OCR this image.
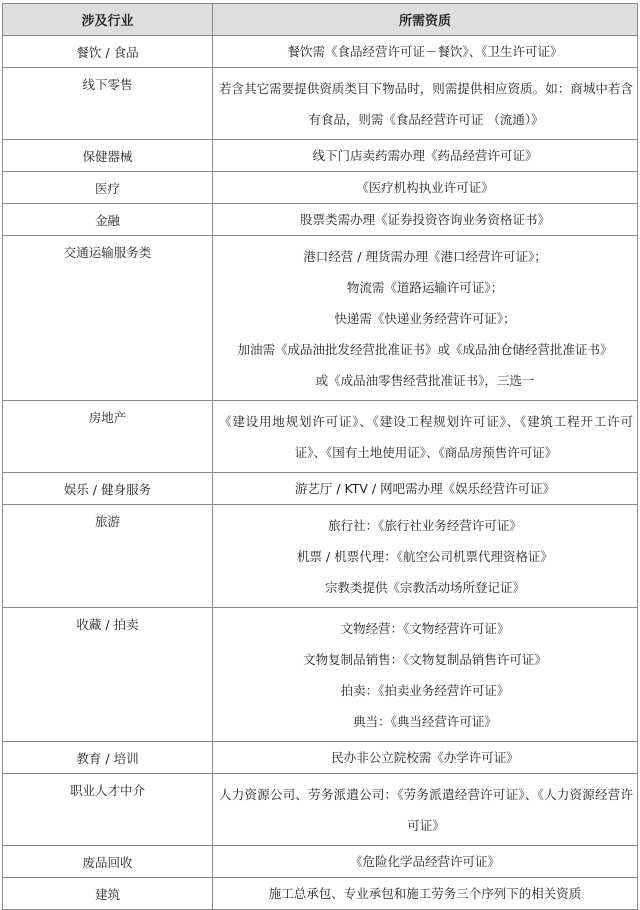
涉及行业	所需资质
餐饮 / 食品	餐饮需《食品经营许可证－餐饮》、《卫生许可证》
线下零售	若含其它需要提供资质类目下物品时，则需提供相应资质。如：商城中若含有食品，则需《食品经营许可证 （流通）》
保健器械	线下门店卖药需办理《药品经营许可证》
医疗	《医疗机构执业许可证》
金融	股票类需办理《证券投资咨询业务资格证书》
交通运输服务类	港口经营 / 理货需办理《港口经营许可证》；
物流需《道路运输许可证》；
快递需《快递业务经营许可证》；
加油需《成品油批发经营批准证书》或《成品油仓储经营批准证书》
或《成品油零售经营批准证书》，三选一

房地产	《建设用地规划许可证》、《建设工程规划许可证》、《建筑工程开工许可证》、《国有土地使用证》、《商品房预售许可证》
娱乐 / 健身服务	游艺厅 / KTV / 网吧需办理《娱乐经营许可证》
旅游	旅行社：《旅行社业务经营许可证》
机票 / 机票代理：《航空公司机票代理资格证》
宗教类提供《宗教活动场所登记证》

收藏 / 拍卖	文物经营：《文物经营许可证》
文物复制品销售：《文物复制品销售许可证》
拍卖：《拍卖业务经营许可证》
典当：《典当经营许可证》

教育 / 培训	民办非公立院校需《办学许可证》
职业人才中介	人力资源公司、劳务派遣公司：《劳务派遣经营许可证》、《人力资源经营许可证》
废品回收	《危险化学品经营许可证》
建筑	施工总承包、专业承包和施工劳务三个序列下的相关资质
